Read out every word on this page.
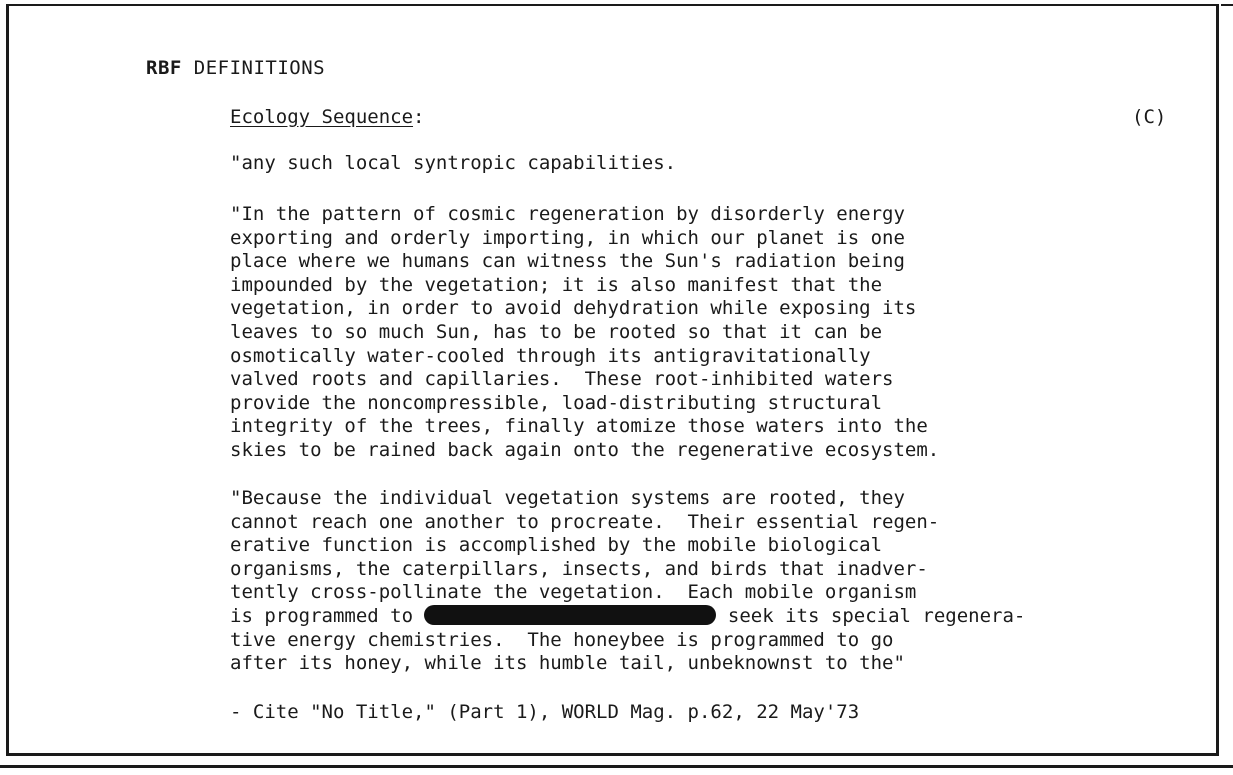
RBF DEFINITIONS
Ecology Sequence:	(C)
"any such local syntropic capabilities.
"In the pattern of cosmic regeneration by disorderly energy
exporting and orderly importing, in which our planet is one
place where we humans can witness the Sun's radiation being
impounded by the vegetation; it is also manifest that the
vegetation, in order to avoid dehydration while exposing its
leaves to so much Sun, has to be rooted so that it can be
osmotically water-cooled through its antigravitationally
valved roots and capillaries.  These root-inhibited waters
provide the noncompressible, load-distributing structural
integrity of the trees, finally atomize those waters into the
skies to be rained back again onto the regenerative ecosystem.
"Because the individual vegetation systems are rooted, they
cannot reach one another to procreate.  Their essential regen-
erative function is accomplished by the mobile biological
organisms, the caterpillars, insects, and birds that inadver-
tently cross-pollinate the vegetation.  Each mobile organism
is programmed to	seek its special regenera-
tive energy chemistries.  The honeybee is programmed to go
after its honey, while its humble tail, unbeknownst to the"
- Cite "No Title," (Part 1), WORLD Mag. p.62, 22 May'73
